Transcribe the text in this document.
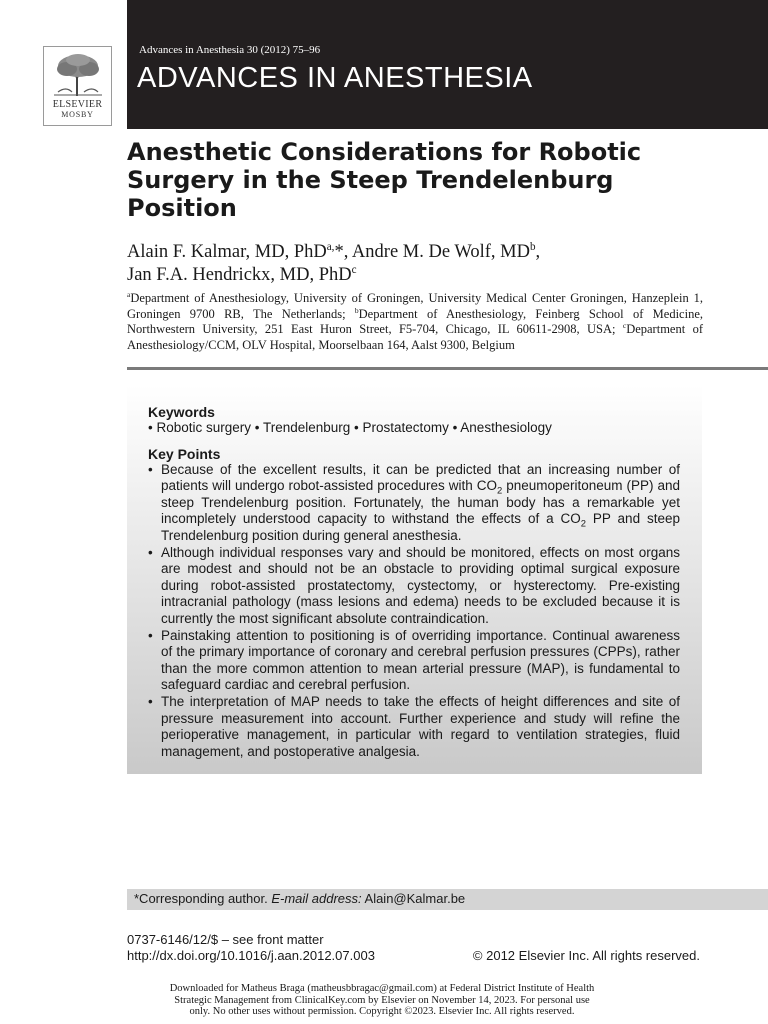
ELSEVIER
MOSBY
Advances in Anesthesia 30 (2012) 75–96
ADVANCES IN ANESTHESIA
Anesthetic Considerations for Robotic
Surgery in the Steep Trendelenburg
Position
Alain F. Kalmar, MD, PhD$^{a,}$*, Andre M. De Wolf, $MD^b$,
Jan F.A. Hendrickx, MD, PhD$^c$
$^a$Department of Anesthesiology, University of Groningen, University Medical Center Groningen, Hanzeplein 1, Groningen 9700 RB, The Netherlands; $^b$Department of Anesthesiology, Feinberg School of Medicine, Northwestern University, 251 East Huron Street, F5-704, Chicago, IL 60611-2908, USA; $^c$Department of Anesthesiology/CCM, OLV Hospital, Moorselbaan 164, Aalst 9300, Belgium
Keywords
• Robotic surgery • Trendelenburg • Prostatectomy • Anesthesiology
Key Points
• Because of the excellent results, it can be predicted that an increasing number of patients will undergo robot-assisted procedures with $CO_2$ pneumoperitoneum (PP) and steep Trendelenburg position. Fortunately, the human body has a remarkable yet incompletely understood capacity to withstand the effects of a $CO_2$ PP and steep Trendelenburg position during general anesthesia.
• Although individual responses vary and should be monitored, effects on most organs are modest and should not be an obstacle to providing optimal surgical exposure during robot-assisted prostatectomy, cystectomy, or hysterectomy. Pre-existing intracranial pathology (mass lesions and edema) needs to be excluded because it is currently the most significant absolute contraindication.
• Painstaking attention to positioning is of overriding importance. Continual awareness of the primary importance of coronary and cerebral perfusion pressures (CPPs), rather than the more common attention to mean arterial pressure (MAP), is fundamental to safeguard cardiac and cerebral perfusion.
• The interpretation of MAP needs to take the effects of height differences and site of pressure measurement into account. Further experience and study will refine the perioperative management, in particular with regard to ventilation strategies, fluid management, and postoperative analgesia.
*Corresponding author. E-mail address: Alain@Kalmar.be
0737-6146/12/$ – see front matter
http://dx.doi.org/10.1016/j.aan.2012.07.003	© 2012 Elsevier Inc. All rights reserved.
Downloaded for Matheus Braga (matheusbbragac@gmail.com) at Federal District Institute of Health
Strategic Management from ClinicalKey.com by Elsevier on November 14, 2023. For personal use
only. No other uses without permission. Copyright ©2023. Elsevier Inc. All rights reserved.
